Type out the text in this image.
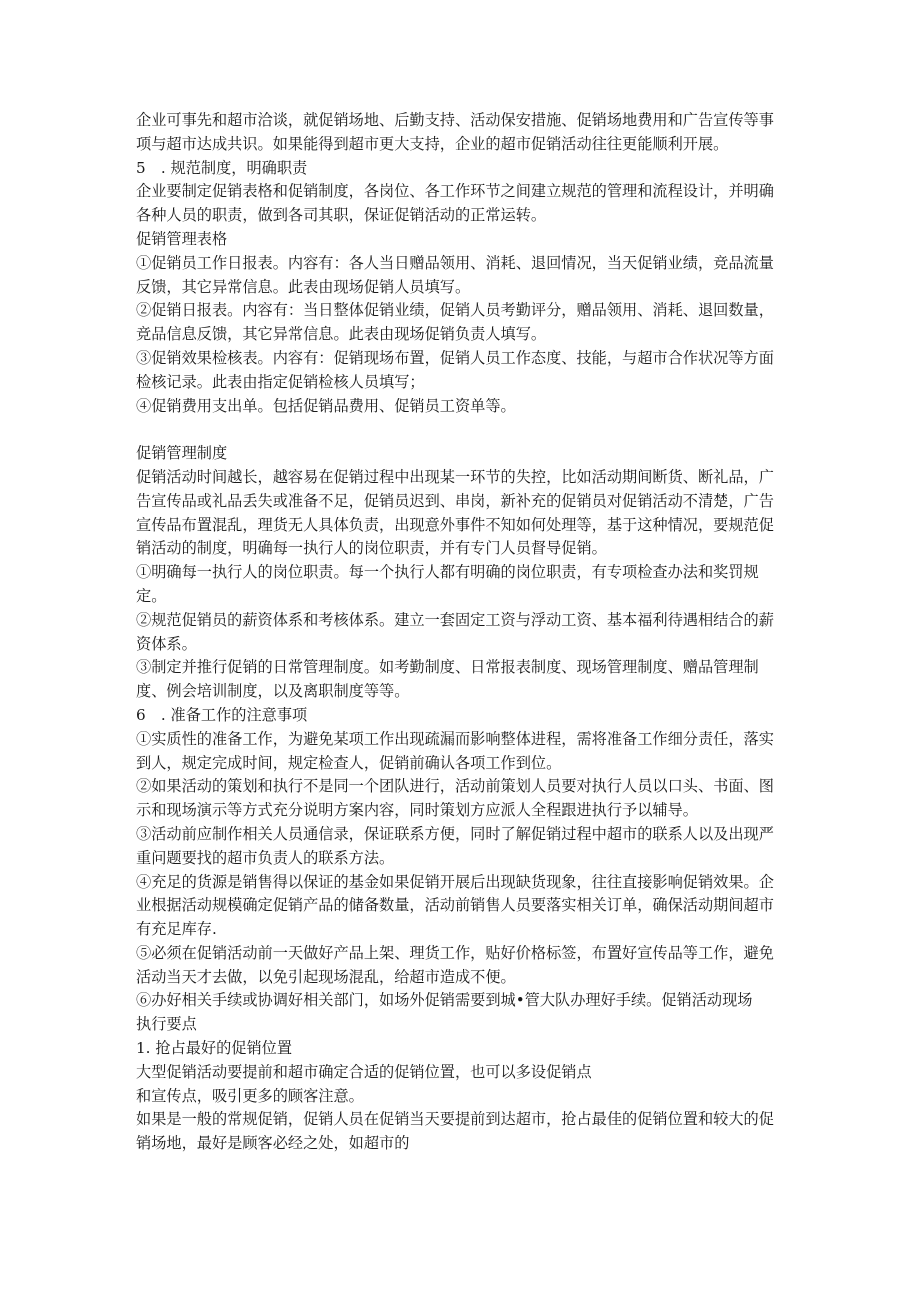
企业可事先和超市洽谈，就促销场地、后勤支持、活动保安措施、促销场地费用和广告宣传等事
项与超市达成共识。如果能得到超市更大支持，企业的超市促销活动往往更能顺利开展。
5　. 规范制度，明确职责
企业要制定促销表格和促销制度，各岗位、各工作环节之间建立规范的管理和流程设计，并明确
各种人员的职责，做到各司其职，保证促销活动的正常运转。
促销管理表格
①促销员工作日报表。内容有：各人当日赠品领用、消耗、退回情况，当天促销业绩，竞品流量
反馈，其它异常信息。此表由现场促销人员填写。
②促销日报表。内容有：当日整体促销业绩，促销人员考勤评分，赠品领用、消耗、退回数量，
竞品信息反馈，其它异常信息。此表由现场促销负责人填写。
③促销效果检核表。内容有：促销现场布置，促销人员工作态度、技能，与超市合作状况等方面
检核记录。此表由指定促销检核人员填写；
④促销费用支出单。包括促销品费用、促销员工资单等。
促销管理制度
促销活动时间越长，越容易在促销过程中出现某一环节的失控，比如活动期间断货、断礼品，广
告宣传品或礼品丢失或准备不足，促销员迟到、串岗，新补充的促销员对促销活动不清楚，广告
宣传品布置混乱，理货无人具体负责，出现意外事件不知如何处理等，基于这种情况，要规范促
销活动的制度，明确每一执行人的岗位职责，并有专门人员督导促销。
①明确每一执行人的岗位职责。每一个执行人都有明确的岗位职责，有专项检查办法和奖罚规
定。
②规范促销员的薪资体系和考核体系。建立一套固定工资与浮动工资、基本福利待遇相结合的薪
资体系。
③制定并推行促销的日常管理制度。如考勤制度、日常报表制度、现场管理制度、赠品管理制
度、例会培训制度，以及离职制度等等。
6　. 准备工作的注意事项
①实质性的准备工作，为避免某项工作出现疏漏而影响整体进程，需将准备工作细分责任，落实
到人，规定完成时间，规定检查人，促销前确认各项工作到位。
②如果活动的策划和执行不是同一个团队进行，活动前策划人员要对执行人员以口头、书面、图
示和现场演示等方式充分说明方案内容，同时策划方应派人全程跟进执行予以辅导。
③活动前应制作相关人员通信录，保证联系方便，同时了解促销过程中超市的联系人以及出现严
重问题要找的超市负责人的联系方法。
④充足的货源是销售得以保证的基金如果促销开展后出现缺货现象，往往直接影响促销效果。企
业根据活动规模确定促销产品的储备数量，活动前销售人员要落实相关订单，确保活动期间超市
有充足库存.
⑤必须在促销活动前一天做好产品上架、理货工作，贴好价格标签，布置好宣传品等工作，避免
活动当天才去做，以免引起现场混乱，给超市造成不便。
⑥办好相关手续或协调好相关部门，如场外促销需要到城•管大队办理好手续。促销活动现场
执行要点
1. 抢占最好的促销位置
大型促销活动要提前和超市确定合适的促销位置，也可以多设促销点
和宣传点，吸引更多的顾客注意。
如果是一般的常规促销，促销人员在促销当天要提前到达超市，抢占最佳的促销位置和较大的促
销场地，最好是顾客必经之处，如超市的
